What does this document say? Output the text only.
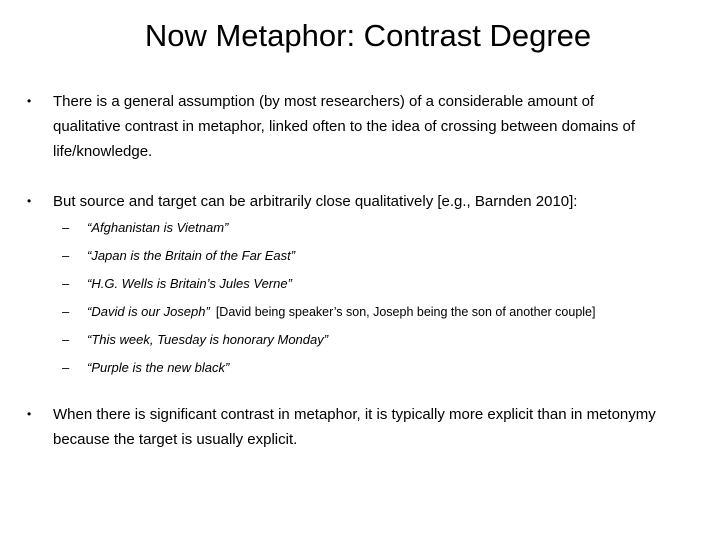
Now Metaphor: Contrast Degree
• There is a general assumption (by most researchers) of a considerable amount of qualitative contrast in metaphor, linked often to the idea of crossing between domains of life/knowledge.
• But source and target can be arbitrarily close qualitatively [e.g., Barnden 2010]:
– “Afghanistan is Vietnam”
– “Japan is the Britain of the Far East”
– “H.G. Wells is Britain’s Jules Verne”
– “David is our Joseph” [David being speaker’s son, Joseph being the son of another couple]
– “This week, Tuesday is honorary Monday”
– “Purple is the new black”
• When there is significant contrast in metaphor, it is typically more explicit than in metonymy because the target is usually explicit.
